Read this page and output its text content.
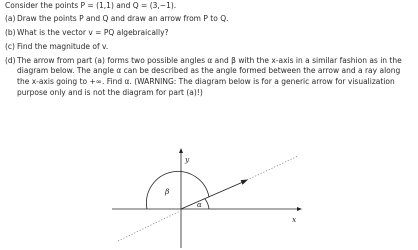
Consider the points P = (1,1) and Q = (3,−1).
(a) Draw the points P and Q and draw an arrow from P to Q.
(b) What is the vector v = PQ algebraically?
(c) Find the magnitude of v.
(d) The arrow from part (a) forms two possible angles α and β with the x-axis in a similar fashion as in the diagram below. The angle α can be described as the angle formed between the arrow and a ray along the x-axis going to +∞. Find α. (WARNING: The diagram below is for a generic arrow for visualization purpose only and is not the diagram for part (a)!)
y
x
β
α
